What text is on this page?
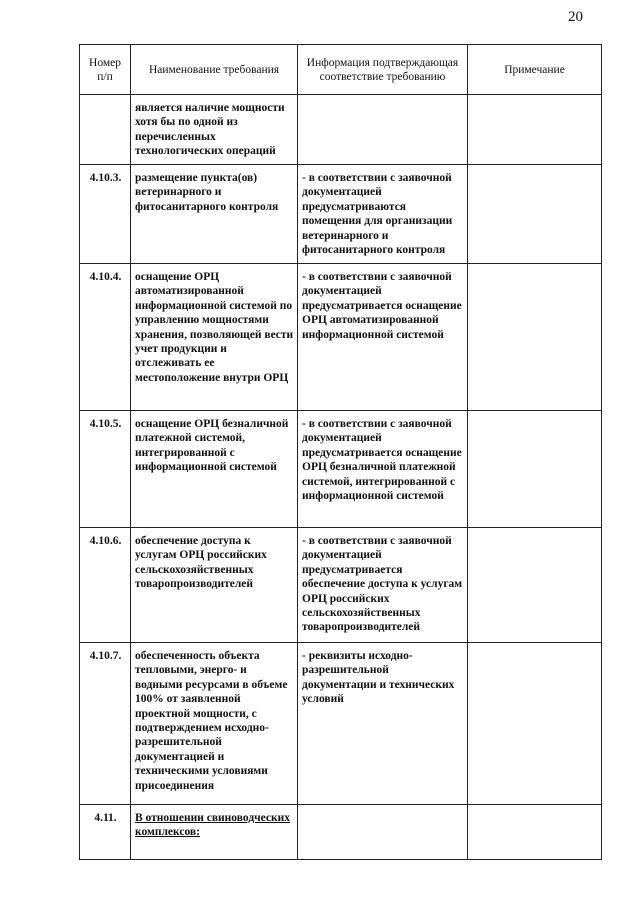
20
Номер п/п	Наименование требования	Информация подтверждающая соответствие требованию	Примечание
	является наличие мощности хотя бы по одной из перечисленных технологических операций		
4.10.3.	размещение пункта(ов) ветеринарного и фитосанитарного контроля	- в соответствии с заявочной документацией предусматриваются помещения для организации ветеринарного и фитосанитарного контроля	
4.10.4.	оснащение ОРЦ автоматизированной информационной системой по управлению мощностями хранения, позволяющей вести учет продукции и отслеживать ее местоположение внутри ОРЦ	- в соответствии с заявочной документацией предусматривается оснащение ОРЦ автоматизированной информационной системой	
4.10.5.	оснащение ОРЦ безналичной платежной системой, интегрированной с информационной системой	- в соответствии с заявочной документацией предусматривается оснащение ОРЦ безналичной платежной системой, интегрированной с информационной системой	
4.10.6.	обеспечение доступа к услугам ОРЦ российских сельскохозяйственных товаропроизводителей	- в соответствии с заявочной документацией предусматривается обеспечение доступа к услугам ОРЦ российских сельскохозяйственных товаропроизводителей	
4.10.7.	обеспеченность объекта тепловыми, энерго- и водными ресурсами в объеме 100% от заявленной проектной мощности, с подтверждением исходно-разрешительной документацией и техническими условиями присоединения	- реквизиты исходно-разрешительной документации и технических условий	
4.11.	В отношении свиноводческих комплексов:		
